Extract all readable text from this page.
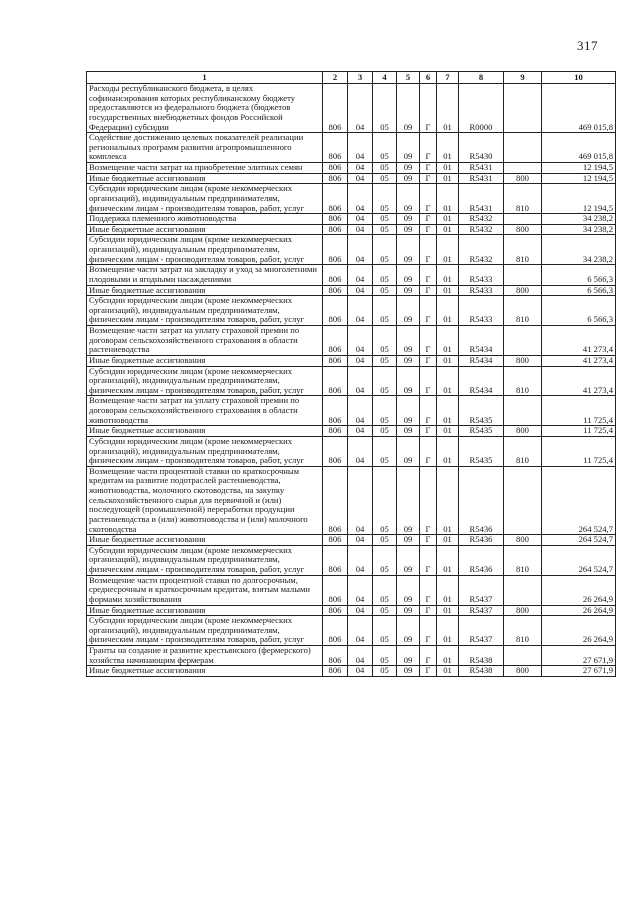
317
1	2	3	4	5	6	7	8	9	10
Расходы республиканского бюджета, в целях софинансирования которых республиканскому бюджету предоставляются из федерального бюджета (бюджетов государственных внебюджетных фондов Российской Федерации) субсидии	806	04	05	09	Г	01	R0000		469 015,8
Содействие достижению целевых показателей реализации региональных программ развития агропромышленного комплекса	806	04	05	09	Г	01	R5430		469 015,8
Возмещение части затрат на приобретение элитных семян	806	04	05	09	Г	01	R5431		12 194,5
Иные бюджетные ассигнования	806	04	05	09	Г	01	R5431	800	12 194,5
Субсидии юридическим лицам (кроме некоммерческих организаций), индивидуальным предпринимателям, физическим лицам - производителям товаров, работ, услуг	806	04	05	09	Г	01	R5431	810	12 194,5
Поддержка племенного животноводства	806	04	05	09	Г	01	R5432		34 238,2
Иные бюджетные ассигнования	806	04	05	09	Г	01	R5432	800	34 238,2
Субсидии юридическим лицам (кроме некоммерческих организаций), индивидуальным предпринимателям, физическим лицам - производителям товаров, работ, услуг	806	04	05	09	Г	01	R5432	810	34 238,2
Возмещение части затрат на закладку и уход за многолетними плодовыми и ягодными насаждениями	806	04	05	09	Г	01	R5433		6 566,3
Иные бюджетные ассигнования	806	04	05	09	Г	01	R5433	800	6 566,3
Субсидии юридическим лицам (кроме некоммерческих организаций), индивидуальным предпринимателям, физическим лицам - производителям товаров, работ, услуг	806	04	05	09	Г	01	R5433	810	6 566,3
Возмещение части затрат на уплату страховой премии по договорам сельскохозяйственного страхования в области растениеводства	806	04	05	09	Г	01	R5434		41 273,4
Иные бюджетные ассигнования	806	04	05	09	Г	01	R5434	800	41 273,4
Субсидии юридическим лицам (кроме некоммерческих организаций), индивидуальным предпринимателям, физическим лицам - производителям товаров, работ, услуг	806	04	05	09	Г	01	R5434	810	41 273,4
Возмещение части затрат на уплату страховой премии по договорам сельскохозяйственного страхования в области животноводства	806	04	05	09	Г	01	R5435		11 725,4
Иные бюджетные ассигнования	806	04	05	09	Г	01	R5435	800	11 725,4
Субсидии юридическим лицам (кроме некоммерческих организаций), индивидуальным предпринимателям, физическим лицам - производителям товаров, работ, услуг	806	04	05	09	Г	01	R5435	810	11 725,4
Возмещение части процентной ставки по краткосрочным кредитам на развитие подотраслей растениеводства, животноводства, молочного скотоводства, на закупку сельскохозяйственного сырья для первичной и (или) последующей (промышленной) переработки продукции растениеводства и (или) животноводства и (или) молочного скотоводства	806	04	05	09	Г	01	R5436		264 524,7
Иные бюджетные ассигнования	806	04	05	09	Г	01	R5436	800	264 524,7
Субсидии юридическим лицам (кроме некоммерческих организаций), индивидуальным предпринимателям, физическим лицам - производителям товаров, работ, услуг	806	04	05	09	Г	01	R5436	810	264 524,7
Возмещение части процентной ставки по долгосрочным, среднесрочным и краткосрочным кредитам, взятым малыми формами хозяйствования	806	04	05	09	Г	01	R5437		26 264,9
Иные бюджетные ассигнования	806	04	05	09	Г	01	R5437	800	26 264,9
Субсидии юридическим лицам (кроме некоммерческих организаций), индивидуальным предпринимателям, физическим лицам - производителям товаров, работ, услуг	806	04	05	09	Г	01	R5437	810	26 264,9
Гранты на создание и развитие крестьянского (фермерского) хозяйства начинающим фермерам	806	04	05	09	Г	01	R5438		27 671,9
Иные бюджетные ассигнования	806	04	05	09	Г	01	R5438	800	27 671,9
